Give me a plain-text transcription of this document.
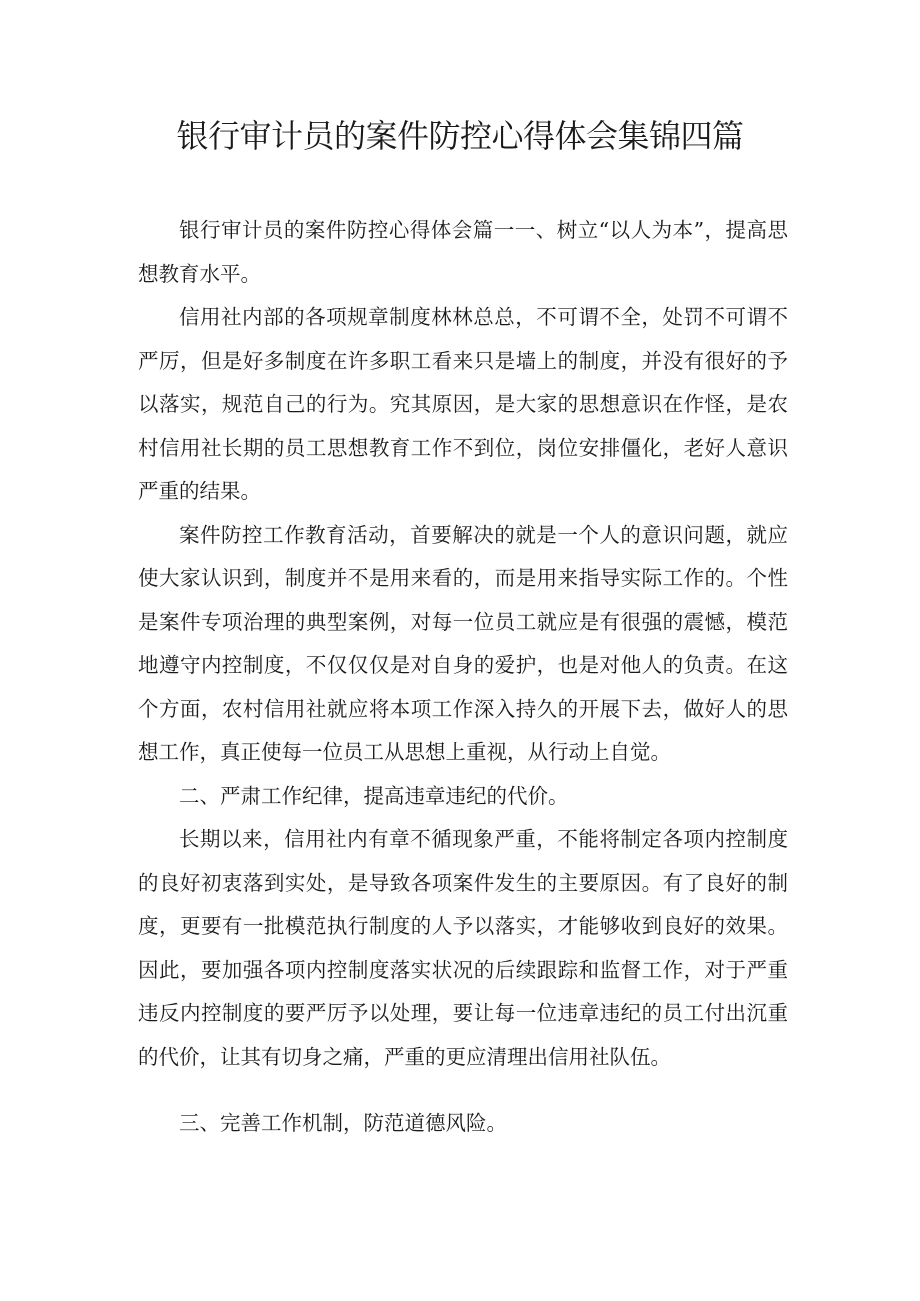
银行审计员的案件防控心得体会集锦四篇

银行审计员的案件防控心得体会篇一一、树立“以人为本”，提高思想教育水平。

信用社内部的各项规章制度林林总总，不可谓不全，处罚不可谓不严厉，但是好多制度在许多职工看来只是墙上的制度，并没有很好的予以落实，规范自己的行为。究其原因，是大家的思想意识在作怪，是农村信用社长期的员工思想教育工作不到位，岗位安排僵化，老好人意识严重的结果。

案件防控工作教育活动，首要解决的就是一个人的意识问题，就应使大家认识到，制度并不是用来看的，而是用来指导实际工作的。个性是案件专项治理的典型案例，对每一位员工就应是有很强的震憾，模范地遵守内控制度，不仅仅仅是对自身的爱护，也是对他人的负责。在这个方面，农村信用社就应将本项工作深入持久的开展下去，做好人的思想工作，真正使每一位员工从思想上重视，从行动上自觉。

二、严肃工作纪律，提高违章违纪的代价。

长期以来，信用社内有章不循现象严重，不能将制定各项内控制度的良好初衷落到实处，是导致各项案件发生的主要原因。有了良好的制度，更要有一批模范执行制度的人予以落实，才能够收到良好的效果。因此，要加强各项内控制度落实状况的后续跟踪和监督工作，对于严重违反内控制度的要严厉予以处理，要让每一位违章违纪的员工付出沉重的代价，让其有切身之痛，严重的更应清理出信用社队伍。

三、完善工作机制，防范道德风险。
